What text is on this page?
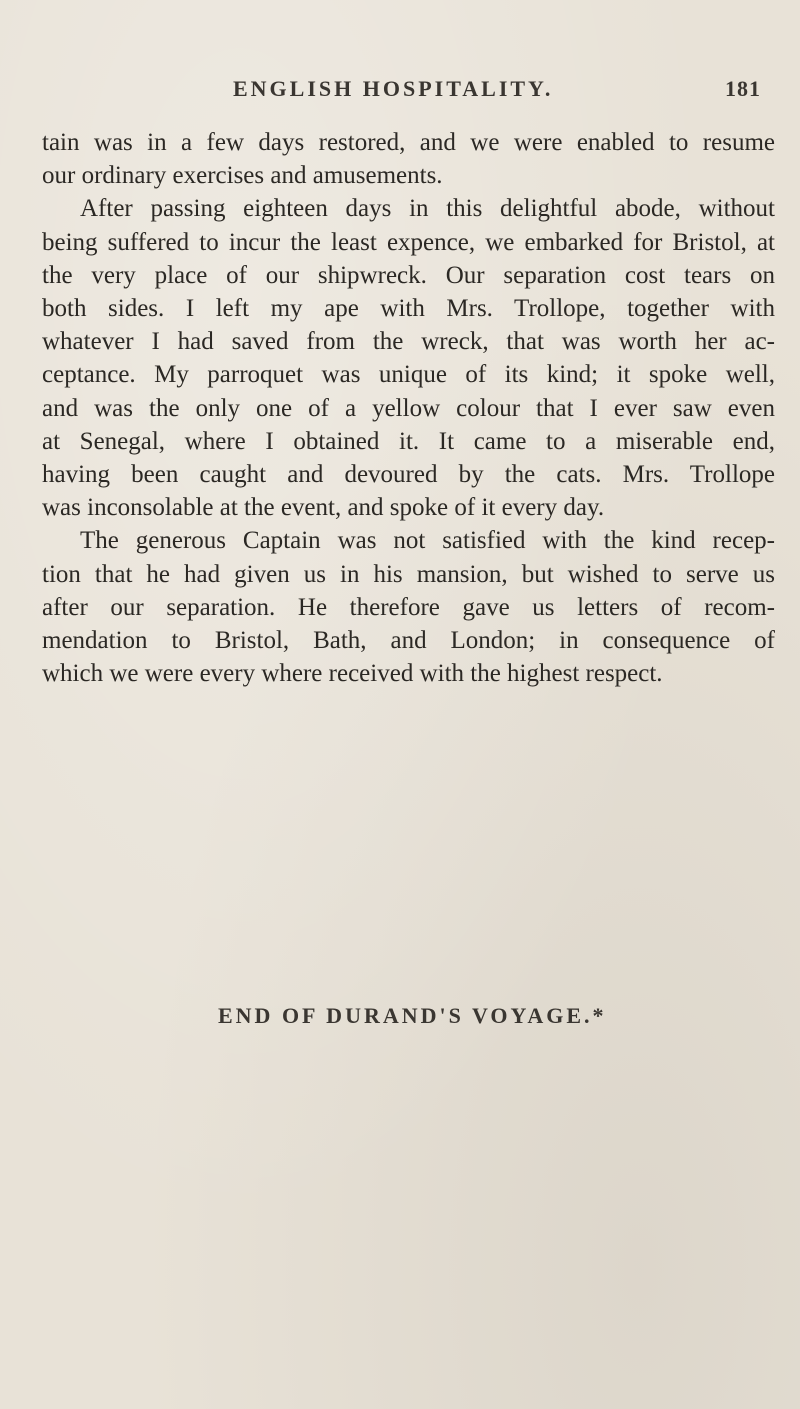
ENGLISH HOSPITALITY.	181
tain was in a few days restored, and we were enabled to resume
our ordinary exercises and amusements.
After passing eighteen days in this delightful abode, without
being suffered to incur the least expence, we embarked for Bristol, at
the very place of our shipwreck. Our separation cost tears on
both sides. I left my ape with Mrs. Trollope, together with
whatever I had saved from the wreck, that was worth her ac-
ceptance. My parroquet was unique of its kind; it spoke well,
and was the only one of a yellow colour that I ever saw even
at Senegal, where I obtained it. It came to a miserable end,
having been caught and devoured by the cats. Mrs. Trollope
was inconsolable at the event, and spoke of it every day.
The generous Captain was not satisfied with the kind recep-
tion that he had given us in his mansion, but wished to serve us
after our separation. He therefore gave us letters of recom-
mendation to Bristol, Bath, and London; in consequence of
which we were every where received with the highest respect.
END OF DURAND'S VOYAGE.*
